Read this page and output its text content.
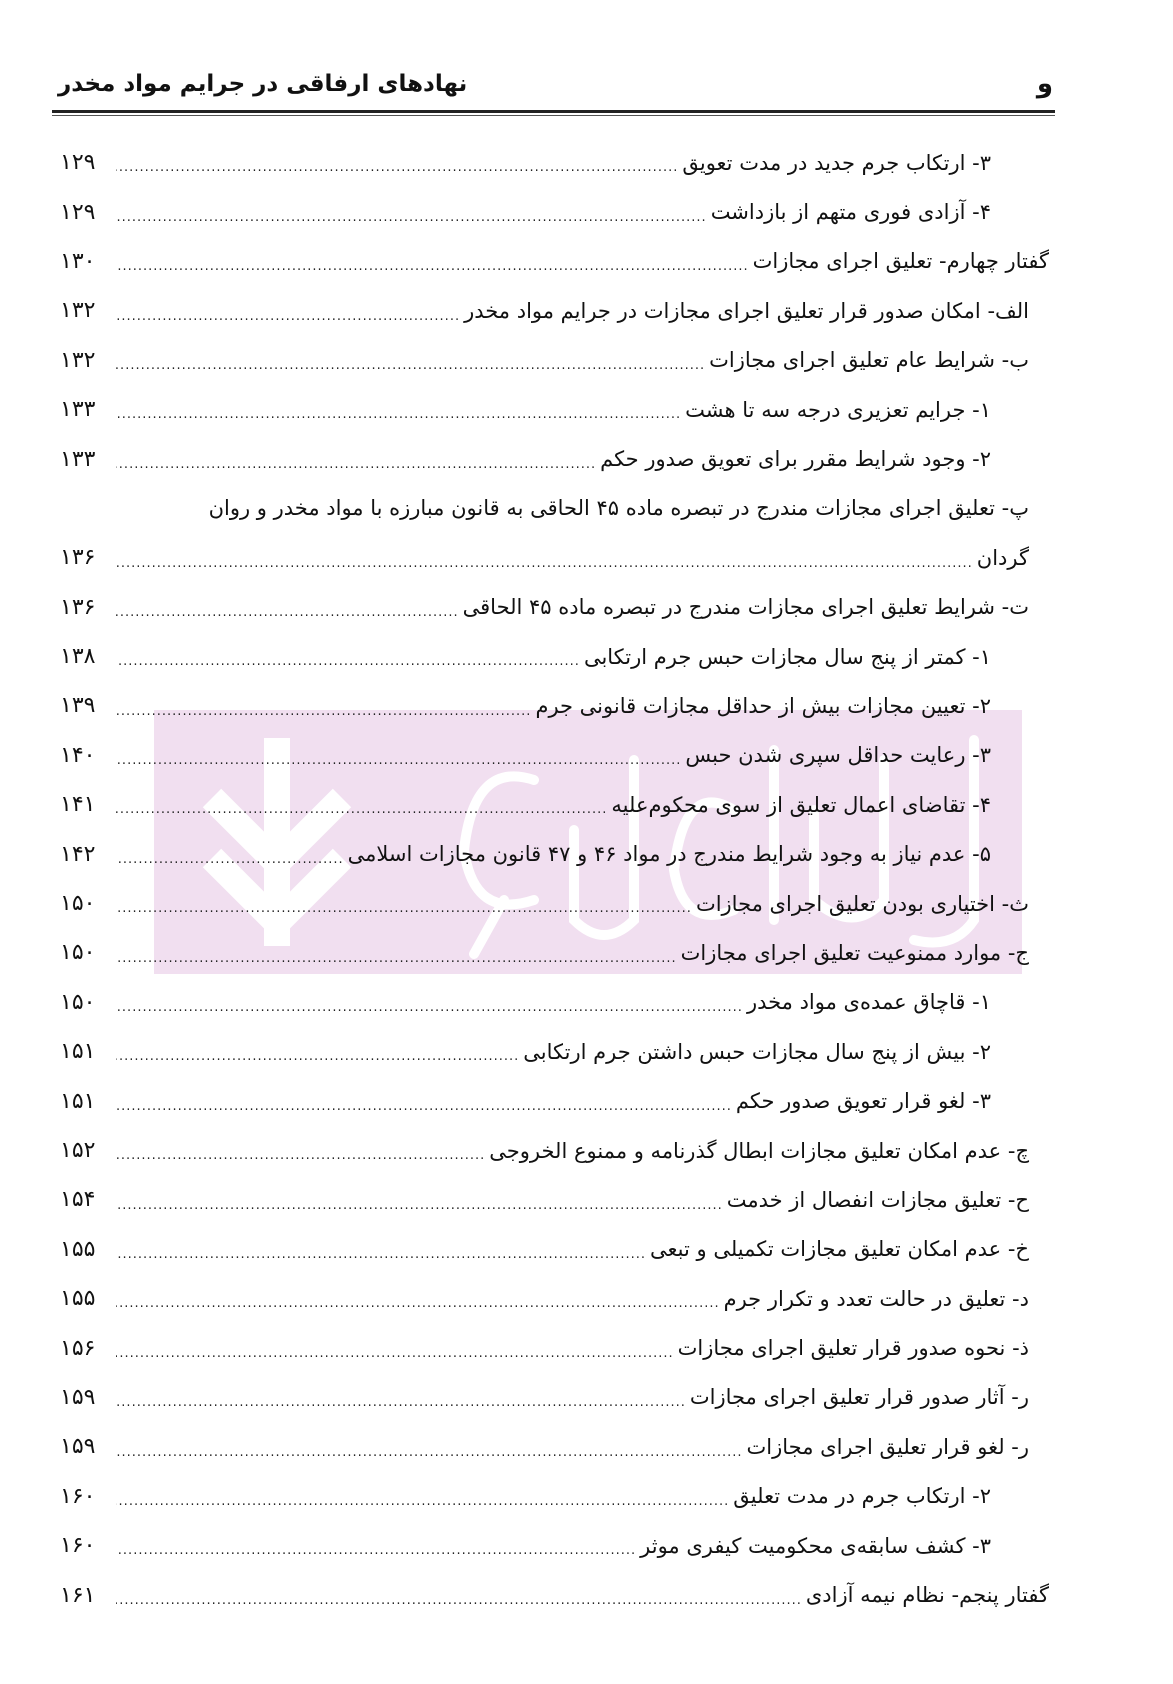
و
نهادهای ارفاقی در جرایم مواد مخدر
۳- ارتکاب جرم جدید در مدت تعویق
.....
۱۲۹
۴- آزادی فوری متهم از بازداشت
.....
۱۲۹
گفتار چهارم- تعلیق اجرای مجازات
.....
۱۳۰
الف- امکان صدور قرار تعلیق اجرای مجازات در جرایم مواد مخدر
.....
۱۳۲
ب- شرایط عام تعلیق اجرای مجازات
.....
۱۳۲
۱- جرایم تعزیری درجه سه تا هشت
.....
۱۳۳
۲- وجود شرایط مقرر برای تعویق صدور حکم
.....
۱۳۳
پ- تعلیق اجرای مجازات مندرج در تبصره ماده ۴۵ الحاقی به قانون مبارزه با مواد مخدر و روان
گردان
.....
۱۳۶
ت- شرایط تعلیق اجرای مجازات مندرج در تبصره ماده ۴۵ الحاقی
.....
۱۳۶
۱- کمتر از پنج سال مجازات حبس جرم ارتکابی
.....
۱۳۸
۲- تعیین مجازات بیش از حداقل مجازات قانونی جرم
.....
۱۳۹
۳- رعایت حداقل سپری شدن حبس
.....
۱۴۰
۴- تقاضای اعمال تعلیق از سوی محکوم‌علیه
.....
۱۴۱
۵- عدم نیاز به وجود شرایط مندرج در مواد ۴۶ و ۴۷ قانون مجازات اسلامی
.....
۱۴۲
ث- اختیاری بودن تعلیق اجرای مجازات
.....
۱۵۰
ج- موارد ممنوعیت تعلیق اجرای مجازات
.....
۱۵۰
۱- قاچاق عمده‌ی مواد مخدر
.....
۱۵۰
۲- بیش از پنج سال مجازات حبس داشتن جرم ارتکابی
.....
۱۵۱
۳- لغو قرار تعویق صدور حکم
.....
۱۵۱
چ- عدم امکان تعلیق مجازات ابطال گذرنامه و ممنوع الخروجی
.....
۱۵۲
ح- تعلیق مجازات انفصال از خدمت
.....
۱۵۴
خ- عدم امکان تعلیق مجازات تکمیلی و تبعی
.....
۱۵۵
د- تعلیق در حالت تعدد و تکرار جرم
.....
۱۵۵
ذ- نحوه صدور قرار تعلیق اجرای مجازات
.....
۱۵۶
ر- آثار صدور قرار تعلیق اجرای مجازات
.....
۱۵۹
ر- لغو قرار تعلیق اجرای مجازات
.....
۱۵۹
۲- ارتکاب جرم در مدت تعلیق
.....
۱۶۰
۳- کشف سابقه‌ی محکومیت کیفری موثر
.....
۱۶۰
گفتار پنجم- نظام نیمه آزادی
.....
۱۶۱
